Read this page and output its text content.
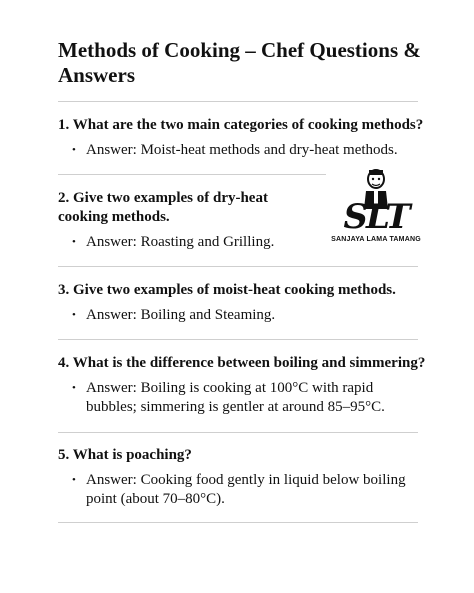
Methods of Cooking – Chef Questions & Answers

1. What are the two main categories of cooking methods?

• Answer: Moist-heat methods and dry-heat methods.

2. Give two examples of dry-heat cooking methods.

• Answer: Roasting and Grilling.

SLT
SANJAYA LAMA TAMANG

3. Give two examples of moist-heat cooking methods.

• Answer: Boiling and Steaming.

4. What is the difference between boiling and simmering?

• Answer: Boiling is cooking at 100°C with rapid bubbles; simmering is gentler at around 85–95°C.

5. What is poaching?

• Answer: Cooking food gently in liquid below boiling point (about 70–80°C).
